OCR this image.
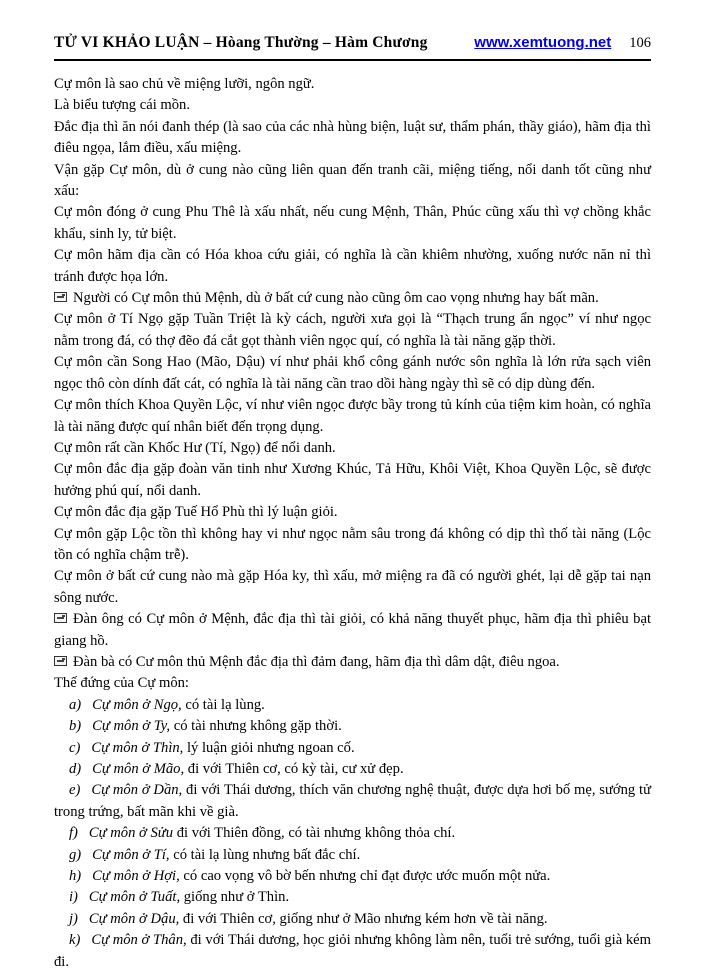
TỬ VI KHẢO LUẬN – Hòang Thường – Hàm Chương	www.xemtuong.net 106

Cự môn là sao chủ về miệng lưỡi, ngôn ngữ.

Là biểu tượng cái mồn.

Đắc địa thì ăn nói đanh thép (là sao của các nhà hùng biện, luật sư, thẩm phán, thầy giáo), hãm địa thì điêu ngọa, lắm điều, xấu miệng.

Vận gặp Cự môn, dù ở cung nào cũng liên quan đến tranh cãi, miệng tiếng, nổi danh tốt cũng như xấu:

Cự môn đóng ở cung Phu Thê là xấu nhất, nếu cung Mệnh, Thân, Phúc cũng xấu thì vợ chồng khắc khẩu, sinh ly, tử biệt.

Cự môn hãm địa cần có Hóa khoa cứu giải, có nghĩa là cần khiêm nhường, xuống nước năn nỉ thì tránh được họa lớn.

Người có Cự môn thủ Mệnh, dù ở bất cứ cung nào cũng ôm cao vọng nhưng hay bất mãn.

Cự môn ở Tí Ngọ gặp Tuần Triệt là kỳ cách, người xưa gọi là “Thạch trung ẩn ngọc” ví như ngọc nằm trong đá, có thợ đẽo đá cắt gọt thành viên ngọc quí, có nghĩa là tài năng gặp thời.

Cự môn cần Song Hao (Mão, Dậu) ví như phải khổ công gánh nước sôn nghĩa là lớn rửa sạch viên ngọc thô còn dính đất cát, có nghĩa là tài năng cần trao dồi hàng ngày thì sẽ có dịp dùng đến.

Cự môn thích Khoa Quyền Lộc, ví như viên ngọc được bầy trong tủ kính của tiệm kim hoàn, có nghĩa là tài năng được quí nhân biết đến trọng dụng.

Cự môn rất cần Khốc Hư (Tí, Ngọ) để nổi danh.

Cự môn đắc địa gặp đoàn văn tinh như Xương Khúc, Tả Hữu, Khôi Việt, Khoa Quyền Lộc, sẽ được hưởng phú quí, nổi danh.

Cự môn đắc địa gặp Tuế Hổ Phù thì lý luận giỏi.

Cự môn gặp Lộc tồn thì không hay vi như ngọc nằm sâu trong đá không có dịp thì thố tài năng (Lộc tồn có nghĩa chậm trễ).

Cự môn ở bất cứ cung nào mà gặp Hóa ky, thì xấu, mở miệng ra đã có người ghét, lại dễ gặp tai nạn sông nước.

Đàn ông có Cự môn ở Mệnh, đắc địa thì tài giỏi, có khả năng thuyết phục, hãm địa thì phiêu bạt giang hồ.

Đàn bà có Cư môn thủ Mệnh đắc địa thì đảm đang, hãm địa thì dâm dật, điêu ngoa.

Thế đứng của Cự môn:

a) Cự môn ở Ngọ, có tài lạ lùng.

b) Cự môn ở Ty, có tài nhưng không gặp thời.

c) Cự môn ở Thìn, lý luận giỏi nhưng ngoan cố.

d) Cự môn ở Mão, đi với Thiên cơ, có kỳ tài, cư xử đẹp.

e) Cự môn ở Dần, đi với Thái dương, thích văn chương nghệ thuật, được dựa hơi bố mẹ, sướng tử trong trứng, bất mãn khi về già.

f) Cự môn ở Sửu đi với Thiên đồng, có tài nhưng không thỏa chí.

g) Cự môn ở Tí, có tài lạ lùng nhưng bất đắc chí.

h) Cự môn ở Hợi, có cao vọng vô bờ bến nhưng chỉ đạt được ước muốn một nửa.

i) Cự môn ở Tuất, giống như ở Thìn.

j) Cự môn ở Dậu, đi với Thiên cơ, giống như ở Mão nhưng kém hơn về tài năng.

k) Cự môn ở Thân, đi với Thái dương, học giỏi nhưng không làm nên, tuổi trẻ sướng, tuổi già kém đi.
